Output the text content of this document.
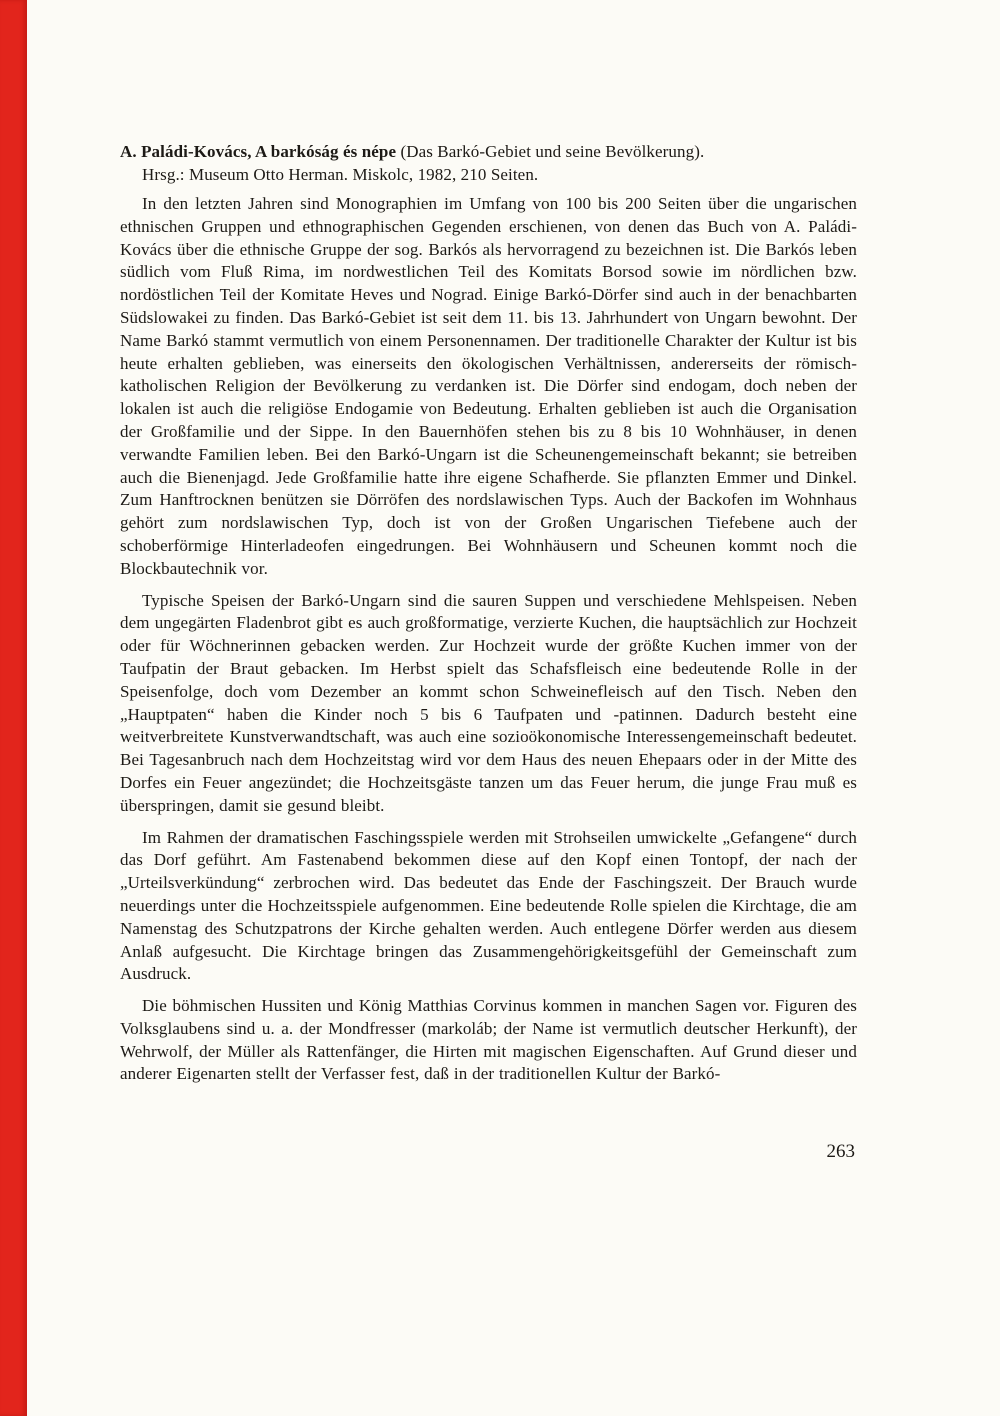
A. Paládi-Kovács, A barkóság és népe (Das Barkó-Gebiet und seine Bevölkerung).
Hrsg.: Museum Otto Herman. Miskolc, 1982, 210 Seiten.

In den letzten Jahren sind Monographien im Umfang von 100 bis 200 Seiten über die ungarischen ethnischen Gruppen und ethnographischen Gegenden erschienen, von denen das Buch von A. Paládi-Kovács über die ethnische Gruppe der sog. Barkós als hervorragend zu bezeichnen ist. Die Barkós leben südlich vom Fluß Rima, im nordwestlichen Teil des Komitats Borsod sowie im nördlichen bzw. nordöstlichen Teil der Komitate Heves und Nograd. Einige Barkó-Dörfer sind auch in der benachbarten Südslowakei zu finden. Das Barkó-Gebiet ist seit dem 11. bis 13. Jahrhundert von Ungarn bewohnt. Der Name Barkó stammt vermutlich von einem Personennamen. Der traditionelle Charakter der Kultur ist bis heute erhalten geblieben, was einerseits den ökologischen Verhältnissen, andererseits der römisch-katholischen Religion der Bevölkerung zu verdanken ist. Die Dörfer sind endogam, doch neben der lokalen ist auch die religiöse Endogamie von Bedeutung. Erhalten geblieben ist auch die Organisation der Großfamilie und der Sippe. In den Bauernhöfen stehen bis zu 8 bis 10 Wohnhäuser, in denen verwandte Familien leben. Bei den Barkó-Ungarn ist die Scheunengemeinschaft bekannt; sie betreiben auch die Bienenjagd. Jede Großfamilie hatte ihre eigene Schafherde. Sie pflanzten Emmer und Dinkel. Zum Hanftrocknen benützen sie Dörröfen des nordslawischen Typs. Auch der Backofen im Wohnhaus gehört zum nordslawischen Typ, doch ist von der Großen Ungarischen Tiefebene auch der schoberförmige Hinterladeofen eingedrungen. Bei Wohnhäusern und Scheunen kommt noch die Blockbautechnik vor.

Typische Speisen der Barkó-Ungarn sind die sauren Suppen und verschiedene Mehlspeisen. Neben dem ungegärten Fladenbrot gibt es auch großformatige, verzierte Kuchen, die hauptsächlich zur Hochzeit oder für Wöchnerinnen gebacken werden. Zur Hochzeit wurde der größte Kuchen immer von der Taufpatin der Braut gebacken. Im Herbst spielt das Schafsfleisch eine bedeutende Rolle in der Speisenfolge, doch vom Dezember an kommt schon Schweinefleisch auf den Tisch. Neben den „Hauptpaten“ haben die Kinder noch 5 bis 6 Taufpaten und -patinnen. Dadurch besteht eine weitverbreitete Kunstverwandtschaft, was auch eine sozioökonomische Interessengemeinschaft bedeutet. Bei Tagesanbruch nach dem Hochzeitstag wird vor dem Haus des neuen Ehepaars oder in der Mitte des Dorfes ein Feuer angezündet; die Hochzeitsgäste tanzen um das Feuer herum, die junge Frau muß es überspringen, damit sie gesund bleibt.

Im Rahmen der dramatischen Faschingsspiele werden mit Strohseilen umwickelte „Gefangene“ durch das Dorf geführt. Am Fastenabend bekommen diese auf den Kopf einen Tontopf, der nach der „Urteilsverkündung“ zerbrochen wird. Das bedeutet das Ende der Faschingszeit. Der Brauch wurde neuerdings unter die Hochzeitsspiele aufgenommen. Eine bedeutende Rolle spielen die Kirchtage, die am Namenstag des Schutzpatrons der Kirche gehalten werden. Auch entlegene Dörfer werden aus diesem Anlaß aufgesucht. Die Kirchtage bringen das Zusammengehörigkeitsgefühl der Gemeinschaft zum Ausdruck.

Die böhmischen Hussiten und König Matthias Corvinus kommen in manchen Sagen vor. Figuren des Volksglaubens sind u. a. der Mondfresser (markoláb; der Name ist vermutlich deutscher Herkunft), der Wehrwolf, der Müller als Rattenfänger, die Hirten mit magischen Eigenschaften. Auf Grund dieser und anderer Eigenarten stellt der Verfasser fest, daß in der traditionellen Kultur der Barkó-

263
